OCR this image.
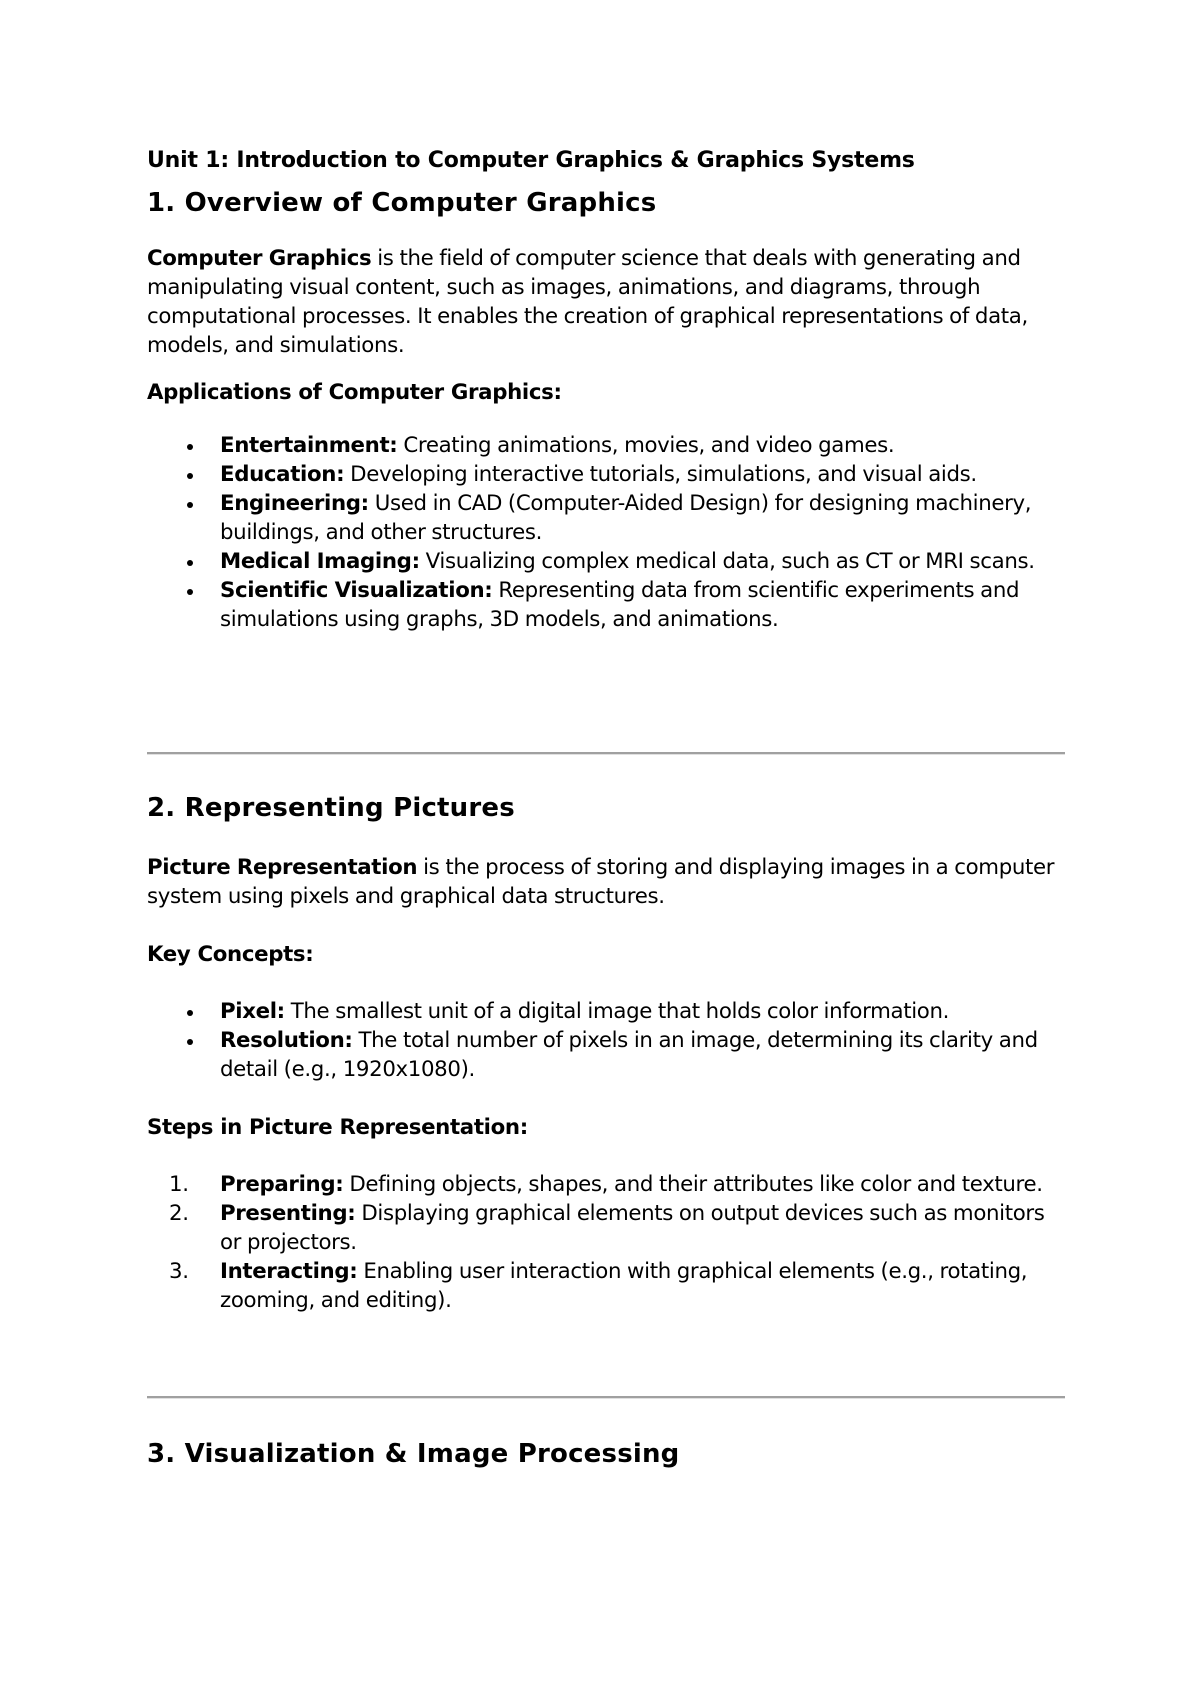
Unit 1: Introduction to Computer Graphics & Graphics Systems
1. Overview of Computer Graphics

Computer Graphics is the field of computer science that deals with generating and manipulating visual content, such as images, animations, and diagrams, through computational processes. It enables the creation of graphical representations of data, models, and simulations.

Applications of Computer Graphics:
Entertainment: Creating animations, movies, and video games.
Education: Developing interactive tutorials, simulations, and visual aids.
Engineering: Used in CAD (Computer-Aided Design) for designing machinery, buildings, and other structures.
Medical Imaging: Visualizing complex medical data, such as CT or MRI scans.
Scientific Visualization: Representing data from scientific experiments and simulations using graphs, 3D models, and animations.
2. Representing Pictures

Picture Representation is the process of storing and displaying images in a computer system using pixels and graphical data structures.

Key Concepts:
Pixel: The smallest unit of a digital image that holds color information.
Resolution: The total number of pixels in an image, determining its clarity and detail (e.g., 1920x1080).
Steps in Picture Representation:
1.	Preparing: Defining objects, shapes, and their attributes like color and texture.
2.	Presenting: Displaying graphical elements on output devices such as monitors or projectors.
3.	Interacting: Enabling user interaction with graphical elements (e.g., rotating, zooming, and editing).
3. Visualization & Image Processing
